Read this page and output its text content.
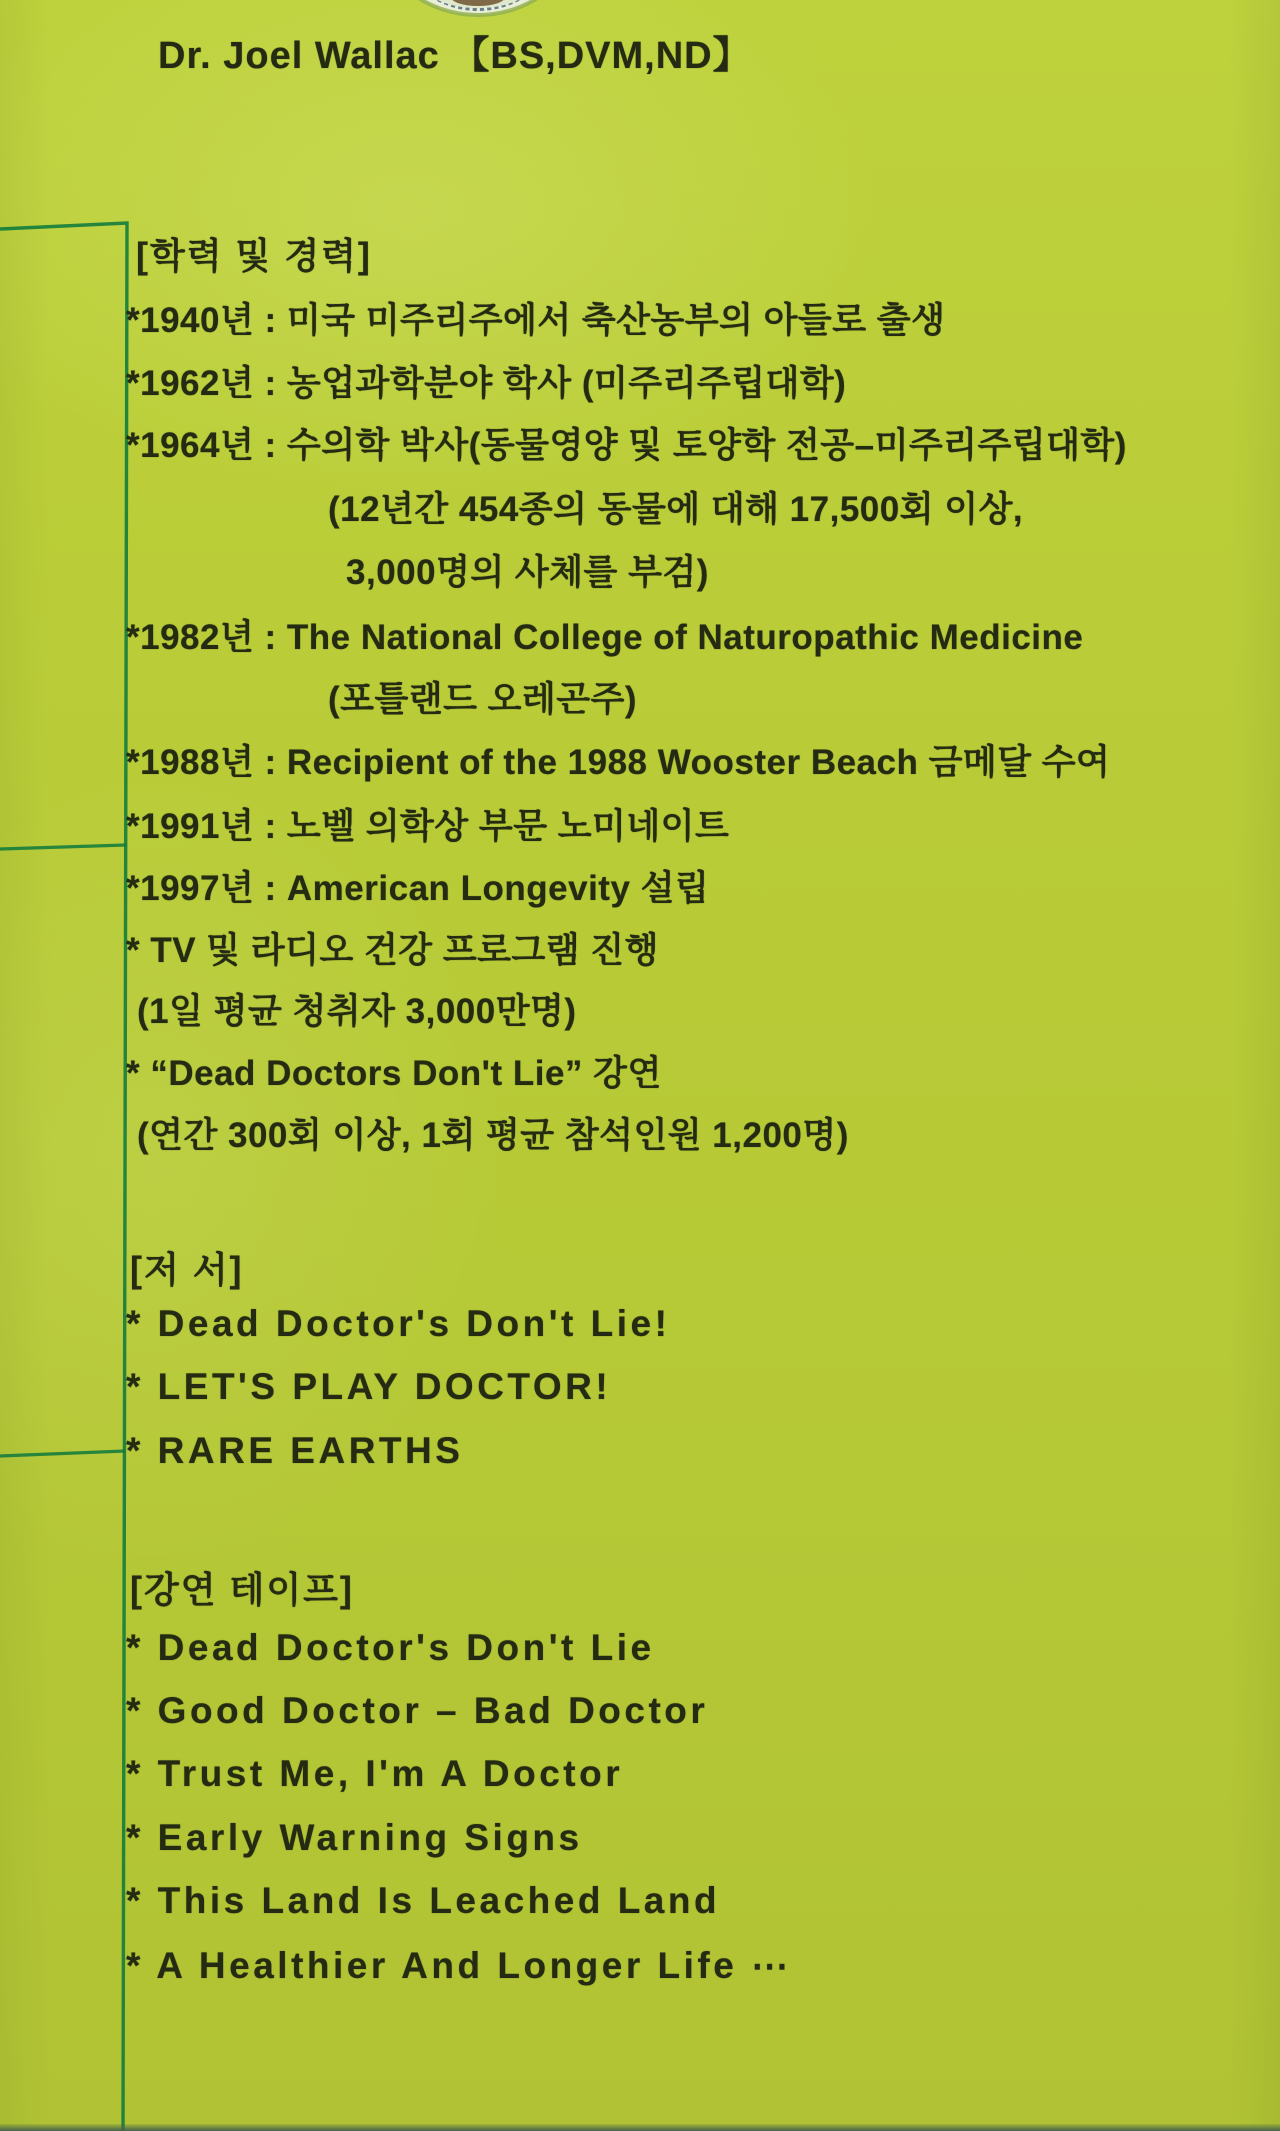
Dr. Joel Wallac 【BS,DVM,ND】
[학력 및 경력]
*1940년 : 미국 미주리주에서 축산농부의 아들로 출생
*1962년 : 농업과학분야 학사 (미주리주립대학)
*1964년 : 수의학 박사(동물영양 및 토양학 전공–미주리주립대학)
(12년간 454종의 동물에 대해 17,500회 이상,
3,000명의 사체를 부검)
*1982년 : The National College of Naturopathic Medicine
(포틀랜드 오레곤주)
*1988년 : Recipient of the 1988 Wooster Beach 금메달 수여
*1991년 : 노벨 의학상 부문 노미네이트
*1997년 : American Longevity 설립
* TV 및 라디오 건강 프로그램 진행
(1일 평균 청취자 3,000만명)
* “Dead Doctors Don't Lie” 강연
(연간 300회 이상, 1회 평균 참석인원 1,200명)
[저 서]
* Dead Doctor's Don't Lie!
* LET'S PLAY DOCTOR!
* RARE EARTHS
[강연 테이프]
* Dead Doctor's Don't Lie
* Good Doctor – Bad Doctor
* Trust Me, I'm A Doctor
* Early Warning Signs
* This Land Is Leached Land
* A Healthier And Longer Life ⋯
